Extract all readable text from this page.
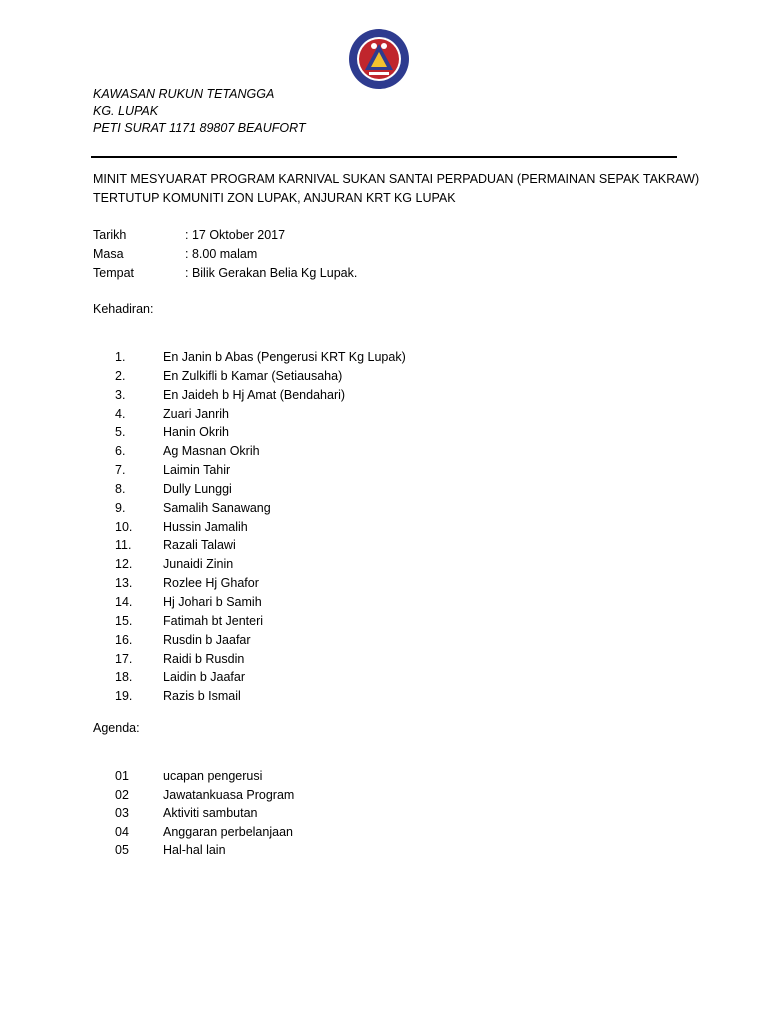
KAWASAN RUKUN TETANGGA
KG. LUPAK
PETI SURAT 1171 89807 BEAUFORT
MINIT MESYUARAT PROGRAM KARNIVAL SUKAN SANTAI PERPADUAN (PERMAINAN SEPAK TAKRAW)
TERTUTUP KOMUNITI ZON LUPAK, ANJURAN KRT KG LUPAK
Tarikh	: 17 Oktober 2017
Masa	: 8.00 malam
Tempat	: Bilik Gerakan Belia Kg Lupak.
Kehadiran:
1.	En Janin b Abas (Pengerusi KRT Kg Lupak)
2.	En Zulkifli b Kamar (Setiausaha)
3.	En Jaideh b Hj Amat (Bendahari)
4.	Zuari Janrih
5.	Hanin Okrih
6.	Ag Masnan Okrih
7.	Laimin Tahir
8.	Dully Lunggi
9.	Samalih Sanawang
10. Hussin Jamalih
11.	Razali Talawi
12. Junaidi Zinin
13. Rozlee Hj Ghafor
14. Hj Johari b Samih
15. Fatimah bt Jenteri
16. Rusdin b Jaafar
17. Raidi b Rusdin
18. Laidin b Jaafar
19. Razis b Ismail
Agenda:
01	ucapan pengerusi
02	Jawatankuasa Program
03	Aktiviti sambutan
04	Anggaran perbelanjaan
05	Hal-hal lain
